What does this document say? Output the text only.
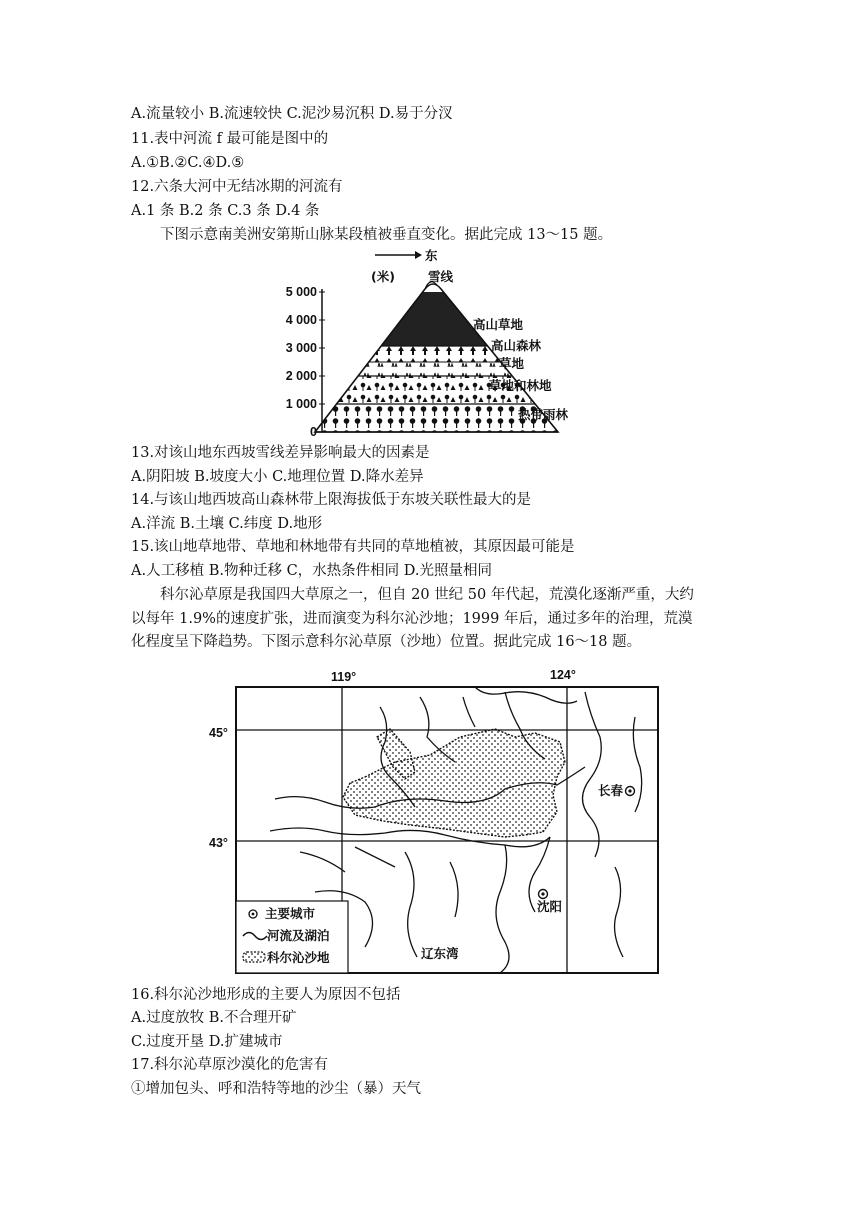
A.流量较小 B.流速较快 C.泥沙易沉积 D.易于分汊
11.表中河流 f 最可能是图中的
A.①B.②C.④D.⑤
12.六条大河中无结冰期的河流有
A.1 条 B.2 条 C.3 条 D.4 条
下图示意南美洲安第斯山脉某段植被垂直变化。据此完成 13～15 题。
东
(米)
5 000
4 000
3 000
2 000
1 000
0
雪线
高山草地
高山森林
草地
草地和林地
热带雨林
13.对该山地东西坡雪线差异影响最大的因素是
A.阴阳坡 B.坡度大小 C.地理位置 D.降水差异
14.与该山地西坡高山森林带上限海拔低于东坡关联性最大的是
A.洋流 B.土壤 C.纬度 D.地形
15.该山地草地带、草地和林地带有共同的草地植被，其原因最可能是
A.人工移植 B.物种迁移 C，水热条件相同 D.光照量相同
科尔沁草原是我国四大草原之一，但自 20 世纪 50 年代起，荒漠化逐渐严重，大约
以每年 1.9%的速度扩张，进而演变为科尔沁沙地；1999 年后，通过多年的治理，荒漠
化程度呈下降趋势。下图示意科尔沁草原（沙地）位置。据此完成 16～18 题。
119°	124°
45°
43°
长春
沈阳
辽东湾
主要城市
河流及湖泊
科尔沁沙地
16.科尔沁沙地形成的主要人为原因不包括
A.过度放牧 B.不合理开矿
C.过度开垦 D.扩建城市
17.科尔沁草原沙漠化的危害有
①增加包头、呼和浩特等地的沙尘（暴）天气
